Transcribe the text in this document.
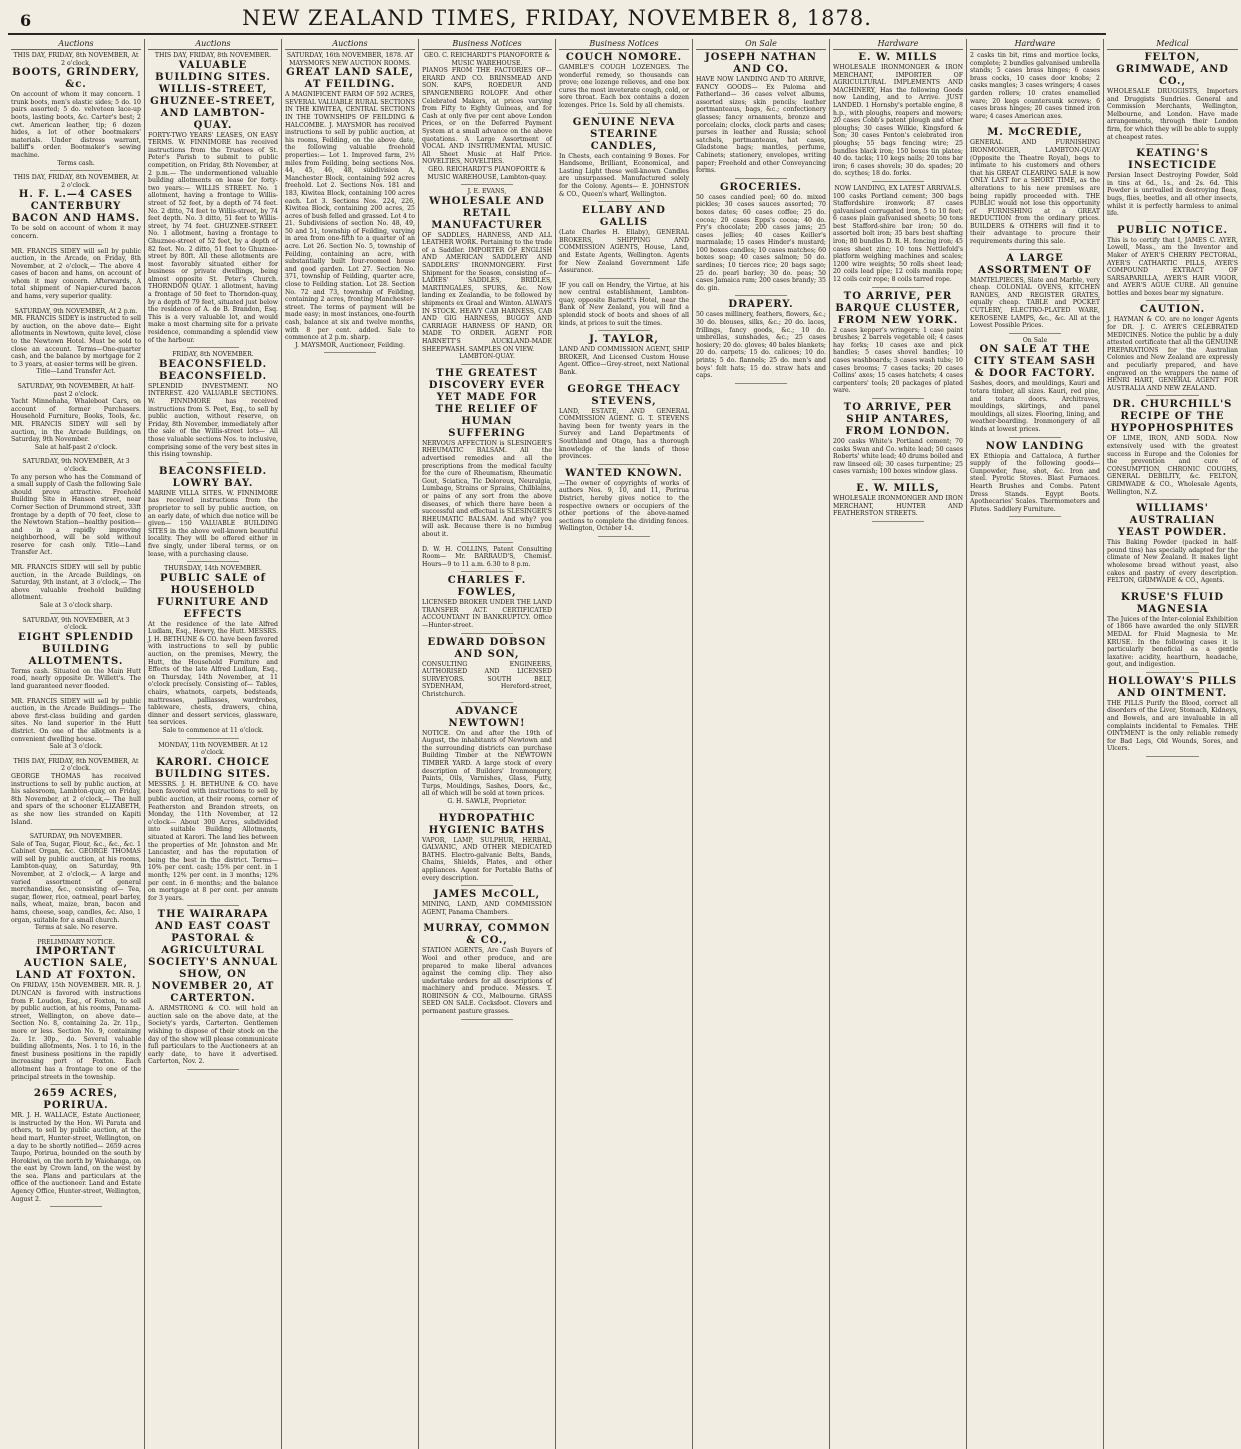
6	NEW ZEALAND TIMES, FRIDAY, NOVEMBER 8, 1878.
Auctions
THIS DAY, FRIDAY, 8th NOVEMBER, At 2 o'clock,
BOOTS, GRINDERY, &c.

On account of whom it may concern. 1 trunk boots, men's elastic sides; 5 do. 10 pairs assorted; 5 do. velveteen lace-up boots, lasting boots, &c. Carter's best; 2 cwt. American leather, tip; 6 dozen hides, a lot of other bootmakers' materials. Under distress warrant, balliff's order. Bootmaker's sewing machine.

Terms cash.
THIS DAY, FRIDAY, 8th NOVEMBER, At 2 o'clock.
H. F. L.—4 CASES CANTERBURY BACON AND HAMS.

To be sold on account of whom it may concern.

MR. FRANCIS SIDEY will sell by public auction, in the Arcade, on Friday, 8th November, at 2 o'clock,— The above 4 cases of bacon and hams, on account of whom it may concern. Afterwards, A total shipment of Napier-cured bacon and hams, very superior quality.

SATURDAY, 9th NOVEMBER, At 2 p.m.

MR. FRANCIS SIDEY is instructed to sell by auction, on the above date— Eight allotments in Newtown, quite level, close to the Newtown Hotel. Must be sold to close an account. Terms—One-quarter cash, and the balance by mortgage for 2 to 3 years, at easier terms will be given.

Title—Land Transfer Act.
SATURDAY, 9th NOVEMBER, At half-past 2 o'clock.

Yacht Minnehaha, Whaleboat Cars, on account of former Purchasers. Household Furniture, Books, Tools, &c. MR. FRANCIS SIDEY will sell by auction, in the Arcade Buildings, on Saturday, 9th November.

Sale at half-past 2 o'clock.
SATURDAY, 9th NOVEMBER, At 3 o'clock.

To any person who has the Command of a small supply of Cash the following Sale should prove attractive. Freehold Building Site in Hanson street, near Corner Section of Drummond street, 33ft frontage by a depth of 70 feet, close to the Newtown Station—healthy position—and in a rapidly improving neighborhood, will be sold without reserve for cash only. Title—Land Transfer Act.

MR. FRANCIS SIDEY will sell by public auction, in the Arcade Buildings, on Saturday, 9th instant, at 3 o'clock,— The above valuable freehold building allotment.

Sale at 3 o'clock sharp.
SATURDAY, 9th NOVEMBER, At 3 o'clock.
EIGHT SPLENDID BUILDING ALLOTMENTS.

Terms cash. Situated on the Main Hutt road, nearly opposite Dr. Willett's. The land guaranteed never flooded.

MR. FRANCIS SIDEY will sell by public auction, in the Arcade Buildings— The above first-class building and garden sites. No land superior in the Hutt district. On one of the allotments is a convenient dwelling house.

Sale at 3 o'clock.
THIS DAY, FRIDAY, 8th NOVEMBER, At 2 o'clock.

GEORGE THOMAS has received instructions to sell by public auction, at his salesroom, Lambton-quay, on Friday, 8th November, at 2 o'clock,— The hull and spars of the schooner ELIZABETH, as she now lies stranded on Kapiti Island.

SATURDAY, 9th NOVEMBER.

Sale of Tea, Sugar, Flour, &c., &c., &c. 1 Cabinet Organ, &c. GEORGE THOMAS will sell by public auction, at his rooms, Lambton-quay, on Saturday, 9th November, at 2 o'clock,— A large and varied assortment of general merchandise, &c., consisting of— Tea, sugar, flower, rice, oatmeal, pearl barley, nails, wheat, maize, bran, bacon and hams, cheese, soap, candles, &c. Also, 1 organ, suitable for a small church.

Terms at sale. No reserve.
PRELIMINARY NOTICE.
IMPORTANT AUCTION SALE, LAND AT FOXTON.

On FRIDAY, 15th NOVEMBER. MR. R. J. DUNCAN is favored with instructions from F. Loudon, Esq., of Foxton, to sell by public auction, at his rooms, Panama-street, Wellington, on above date— Section No. 8, containing 2a. 2r. 11p., more or less. Section No. 9, containing 2a. 1r. 30p., do. Several valuable building allotments, Nos. 1 to 16, in the finest business positions in the rapidly increasing port of Foxton. Each allotment has a frontage to one of the principal streets in the township.

2659 ACRES, PORIRUA.

MR. J. H. WALLACE, Estate Auctioneer, is instructed by the Hon. Wi Parata and others, to sell by public auction, at the head mart, Hunter-street, Wellington, on a day to be shortly notified— 2659 acres Taupo, Porirua, bounded on the south by Horokiwi, on the north by Waiohanga, on the east by Crown land, on the west by the sea. Plans and particulars at the office of the auctioneer. Land and Estate Agency Office, Hunter-street, Wellington, August 2.

Auctions
THIS DAY, FRIDAY, 8th NOVEMBER.
VALUABLE BUILDING SITES. WILLIS-STREET, GHUZNEE-STREET, AND LAMBTON-QUAY.

FORTY-TWO YEARS' LEASES, ON EASY TERMS. W. FINNIMORE has received instructions from the Trustees of St. Peter's Parish to submit to public competition, on Friday, 8th November, at 2 p.m.— The undermentioned valuable building allotments on lease for forty-two years:— WILLIS STREET. No. 1 allotment, having a frontage to Willis-street of 52 feet, by a depth of 74 feet. No. 2 ditto, 74 feet to Willis-street, by 74 feet depth. No. 3 ditto, 51 feet to Willis-street, by 74 feet. GHUZNEE-STREET. No. 1 allotment, having a frontage to Ghuznee-street of 52 feet, by a depth of 82 feet. No. 2 ditto, 51 feet to Ghuznee-street by 80ft. All these allotments are most favorably situated either for business or private dwellings, being almost opposite St. Peter's Church. THORNDON QUAY. 1 allotment, having a frontage of 50 feet to Thorndon-quay, by a depth of 79 feet, situated just below the residence of A. de B. Brandon, Esq. This is a very valuable lot, and would make a most charming site for a private residence, commanding a splendid view of the harbour.

FRIDAY, 8th NOVEMBER.
BEACONSFIELD. BEACONSFIELD.

SPLENDID INVESTMENT. NO INTEREST. 420 VALUABLE SECTIONS. W. FINNIMORE has received instructions from S. Peet, Esq., to sell by public auction, without reserve, on Friday, 8th November, immediately after the sale of the Willis-street lots— All those valuable sections Nos. to inclusive, comprising some of the very best sites in this rising township.

BEACONSFIELD. LOWRY BAY.

MARINE VILLA SITES. W. FINNIMORE has received instructions from the proprietor to sell by public auction, on an early date, of which due notice will be given— 150 VALUABLE BUILDING SITES in the above well-known beautiful locality. They will be offered either in five singly, under liberal terms, or on lease, with a purchasing clause.

THURSDAY, 14th NOVEMBER.
PUBLIC SALE of HOUSEHOLD FURNITURE AND EFFECTS

At the residence of the late Alfred Ludlam, Esq., Hewry, the Hutt. MESSRS. J. H. BETHUNE & CO. have been favored with instructions to sell by public auction, on the premises, Mewry, the Hutt, the Household Furniture and Effects of the late Alfred Ludlam, Esq., on Thursday, 14th November, at 11 o'clock precisely. Consisting of— Tables, chairs, whatnots, carpets, bedsteads, mattresses, palliasses, wardrobes, tableware, chests, drawers, china, dinner and dessert services, glassware, tea services.

Sale to commence at 11 o'clock.
MONDAY, 11th NOVEMBER. At 12 o'clock.
KARORI. CHOICE BUILDING SITES.

MESSRS. J. H. BETHUNE & CO. have been favored with instructions to sell by public auction, at their rooms, corner of Featherston and Brandon streets, on Monday, the 11th November, at 12 o'clock— About 300 Acres, subdivided into suitable Building Allotments, situated at Karori. The land lies between the properties of Mr. Johnston and Mr. Lancaster, and has the reputation of being the best in the district. Terms—10% per cent. cash; 15% per cent. in 1 month; 12% per cent. in 3 months; 12% per cent. in 6 months; and the balance on mortgage at 8 per cent. per annum for 3 years.

THE WAIRARAPA AND EAST COAST PASTORAL & AGRICULTURAL SOCIETY'S ANNUAL SHOW, ON NOVEMBER 20, AT CARTERTON.

A. ARMSTRONG & CO. will hold an auction sale on the above date, at the Society's yards, Carterton. Gentlemen wishing to dispose of their stock on the day of the show will please communicate full particulars to the Auctioneers at an early date, to have it advertised. Carterton, Nov. 2.

Auctions
SATURDAY, 16th NOVEMBER, 1878. AT MAYSMOR'S NEW AUCTION ROOMS.
GREAT LAND SALE, AT FEILDING.

A MAGNIFICENT FARM OF 592 ACRES, SEVERAL VALUABLE RURAL SECTIONS IN THE KIWITEA, CENTRAL SECTIONS IN THE TOWNSHIPS OF FEILDING & HALCOMBE. J. MAYSMOR has received instructions to sell by public auction, at his rooms, Feilding, on the above date, the following valuable freehold properties:— Lot 1. Improved farm, 2½ miles from Feilding, being sections Nos. 44, 45, 46, 48, subdivision A, Manchester Block, containing 592 acres freehold. Lot 2. Sections Nos. 181 and 183, Kiwitea Block, containing 100 acres each. Lot 3. Sections Nos. 224, 226, Kiwitea Block, containing 200 acres, 25 acres of bush felled and grassed. Lot 4 to 21. Subdivisions of section No. 48, 49, 50 and 51, township of Feilding, varying in area from one-fifth to a quarter of an acre. Lot 26. Section No. 5, township of Feilding, containing an acre, with substantially built four-roomed house and good garden. Lot 27. Section No. 371, township of Feilding, quarter acre, close to Feilding station. Lot 28. Section No. 72 and 73, township of Feilding, containing 2 acres, fronting Manchester-street. The terms of payment will be made easy; in most instances, one-fourth cash, balance at six and twelve months, with 8 per cent. added. Sale to commence at 2 p.m. sharp.

J. MAYSMOR, Auctioneer, Feilding.
Business Notices
GEO. C. REICHARDT'S PIANOFORTE & MUSIC WAREHOUSE.

PIANOS FROM THE FACTORIES OF— ERARD AND CO. BRINSMEAD AND SON. KAPS, ROEDEUR AND SPANGENBERG ROLOFF. And other Celebrated Makers, at prices varying from Fifty to Eighty Guineas, and for Cash at only five per cent above London Prices, or on the Deferred Payment System at a small advance on the above quotations. A Large Assortment of VOCAL AND INSTRUMENTAL MUSIC. All Sheet Music at Half Price. NOVELTIES, NOVELTIES.

GEO. REICHARDT'S PIANOFORTE & MUSIC WAREHOUSE, Lambton-quay.
J. E. EVANS,
WHOLESALE AND RETAIL MANUFACTURER

OF SADDLES, HARNESS, AND ALL LEATHER WORK. Pertaining to the trade of a Saddler. IMPORTER OF ENGLISH AND AMERICAN SADDLERY AND SADDLERS' IRONMONGERY. First Shipment for the Season, consisting of— LADIES' SADDLES, BRIDLES, MARTINGALES, SPURS, &c. Now landing ex Zealandia, to be followed by shipments ex Graal and Winton. ALWAYS IN STOCK. HEAVY CAB HARNESS, CAB AND GIG HARNESS, BUGGY AND CARRIAGE HARNESS OF HAND, OR MADE TO ORDER. AGENT FOR HARNETT'S AUCKLAND-MADE SHEEPWASH. SAMPLES ON VIEW.

LAMBTON-QUAY.
THE GREATEST DISCOVERY EVER YET MADE FOR THE RELIEF OF HUMAN SUFFERING

NERVOUS AFFECTION is SLESINGER'S RHEUMATIC BALSAM. All the advertised remedies and all the prescriptions from the medical faculty for the cure of Rheumatism, Rheumatic Gout, Sciatica, Tic Doloreux, Neuralgia, Lumbago, Strains or Sprains, Chilblains, or pains of any sort from the above diseases, of which there have been a successful and effectual is SLESINGER'S RHEUMATIC BALSAM. And why? you will ask. Because there is no humbug about it.

D. W. H. COLLINS, Patent Consulting Room— Mr. BARRAUD'S, Chemist. Hours—9 to 11 a.m. 6.30 to 8 p.m.

CHARLES F. FOWLES,

LICENSED BROKER UNDER THE LAND TRANSFER ACT. CERTIFICATED ACCOUNTANT IN BANKRUPTCY. Office—Hunter-street.

EDWARD DOBSON AND SON,

CONSULTING ENGINEERS, AUTHORISED AND LICENSED SURVEYORS. SOUTH BELT, SYDENHAM, Hereford-street, Christchurch.

ADVANCE NEWTOWN!

NOTICE. On and after the 19th of August, the inhabitants of Newtown and the surrounding districts can purchase Building Timber at the NEWTOWN TIMBER YARD. A large stock of every description of Builders' Ironmongery, Paints, Oils, Varnishes, Glass, Putty, Turps, Mouldings, Sashes, Doors, &c., all of which will be sold at town prices.

G. H. SAWLE, Proprietor.
HYDROPATHIC HYGIENIC BATHS

VAPOR, LAMP, SULPHUR, HERBAL, GALVANIC, AND OTHER MEDICATED BATHS. Electro-galvanic Belts, Bands, Chains, Shields, Plates, and other appliances. Agent for Portable Baths of every description.

JAMES McCOLL,

MINING, LAND, AND COMMISSION AGENT, Panama Chambers.

MURRAY, COMMON & CO.,

STATION AGENTS, Are Cash Buyers of Wool and other produce, and are prepared to make liberal advances against the coming clip. They also undertake orders for all descriptions of machinery and produce. Messrs. T. ROBINSON & CO., Melbourne. GRASS SEED ON SALE. Cocksfoot. Clovers and permanent pasture grasses.

Business Notices
COUCH NOMORE.

GAMBLE'S COUGH LOZENGES. The wonderful remedy, so thousands can prove; one lozenge relieves, and one box cures the most inveterate cough, cold, or sore throat. Each box contains a dozen lozenges. Price 1s. Sold by all chemists.

GENUINE NEVA STEARINE CANDLES,

In Chests, each containing 9 Boxes. For Handsome, Brilliant, Economical, and Lasting Light these well-known Candles are unsurpassed. Manufactured solely for the Colony. Agents— E. JOHNSTON & CO., Queen's wharf, Wellington.

ELLABY AND GALLIS

(Late Charles H. Ellaby), GENERAL BROKERS, SHIPPING AND COMMISSION AGENTS, House, Land, and Estate Agents, Wellington. Agents for New Zealand Government Life Assurance.

IF you call on Hendry, the Virtue, at his new central establishment, Lambton-quay, opposite Barnett's Hotel, near the Bank of New Zealand, you will find a splendid stock of boots and shoes of all kinds, at prices to suit the times.

J. TAYLOR,

LAND AND COMMISSION AGENT, SHIP BROKER, And Licensed Custom House Agent. Office—Grey-street, next National Bank.

GEORGE THEACY STEVENS,

LAND, ESTATE, AND GENERAL COMMISSION AGENT. G. T. STEVENS having been for twenty years in the Survey and Land Departments of Southland and Otago, has a thorough knowledge of the lands of those provinces.

WANTED KNOWN.

—The owner of copyrights of works of authors Nos. 9, 10, and 11, Porirua District, hereby gives notice to the respective owners or occupiers of the other portions of the above-named sections to complete the dividing fences. Wellington, October 14.

On Sale
JOSEPH NATHAN AND CO.

HAVE NOW LANDING AND TO ARRIVE, FANCY GOODS— Ex Paloma and Fatherland— 36 cases velvet albums, assorted sizes; skin pencils; leather portmanteaus, bags, &c.; confectionery glasses; fancy ornaments, bronze and porcelain; clocks, clock parts and cases; purses in leather and Russia; school satchels, portmanteaus, hat cases, Gladstone bags; mantles, perfume, Cabinets; stationery, envelopes, writing paper; Freehold and other Conveyancing forms.

GROCERIES.

50 cases candied peel; 60 do. mixed pickles; 30 cases sauces assorted; 70 boxes dates; 60 cases coffee; 25 do. cocoa; 20 cases Epps's cocoa; 40 do. Fry's chocolate; 200 cases jams; 25 cases jellies; 40 cases Keiller's marmalade; 15 cases Hinder's mustard; 100 boxes candles; 10 cases matches; 60 boxes soap; 40 cases salmon; 50 do. sardines; 10 tierces rice; 20 bags sago; 25 do. pearl barley; 30 do. peas; 50 cases Jamaica rum; 200 cases brandy; 35 do. gin.

DRAPERY.

50 cases millinery, feathers, flowers, &c.; 30 do. blouses, silks, &c.; 20 do. laces, frillings, fancy goods, &c.; 10 do. umbrellas, sunshades, &c.; 25 cases hosiery; 20 do. gloves; 40 bales blankets; 20 do. carpets; 15 do. calicoes; 10 do. prints; 5 do. flannels; 25 do. men's and boys' felt hats; 15 do. straw hats and caps.

Hardware
E. W. MILLS

WHOLESALE IRONMONGER & IRON MERCHANT, IMPORTER OF AGRICULTURAL IMPLEMENTS AND MACHINERY, Has the following Goods now Landing, and to Arrive. JUST LANDED. 1 Hornsby's portable engine, 8 h.p., with ploughs, reapers and mowers; 20 cases Cobb's patent plough and other ploughs; 30 cases Wilkie, Kingsford & Son; 30 cases Fenton's celebrated iron ploughs; 55 bags fencing wire; 25 bundles black iron; 150 boxes tin plates; 40 do. tacks; 110 kegs nails; 20 tons bar iron; 6 cases shovels; 30 do. spades; 20 do. scythes; 18 do. forks.

NOW LANDING, EX LATEST ARRIVALS.

100 casks Portland cement; 300 bags Staffordshire ironwork; 87 cases galvanised corrugated iron, 5 to 10 feet; 6 cases plain galvanised sheets; 50 tons best Stafford-shire bar iron; 50 do. assorted bolt iron; 35 bars best shafting iron; 80 bundles D. R. H. fencing iron; 45 cases sheet zinc; 10 tons Nettlefold's platform weighing machines and scales; 1200 wire weights; 50 rolls sheet lead; 20 coils lead pipe; 12 coils manila rope; 12 coils coir rope; 8 coils tarred rope.

TO ARRIVE, PER BARQUE CLUSTER, FROM NEW YORK.

2 cases kepper's wringers; 1 case paint brushes; 2 barrels vegetable oil; 4 cases hay forks; 10 cases axe and pick handles; 5 cases shovel handles; 10 cases washboards; 3 cases wash tubs; 10 cases brooms; 7 cases tacks; 20 cases Collins' axes; 15 cases hatchets; 4 cases carpenters' tools; 20 packages of plated ware.

TO ARRIVE, PER SHIP ANTARES, FROM LONDON.

200 casks White's Portland cement; 70 casks Swan and Co. white lead; 50 cases Roberts' white lead; 40 drums boiled and raw linseed oil; 30 cases turpentine; 25 cases varnish; 100 boxes window glass.

E. W. MILLS,

WHOLESALE IRONMONGER AND IRON MERCHANT, HUNTER AND FEATHERSTON STREETS.

Hardware

2 casks tin bit, rims and mortice locks, complete; 2 bundles galvanised umbrella stands; 5 cases brass hinges; 6 cases brass cocks, 10 cases door knobs; 2 casks mangles; 3 cases wringers; 4 cases garden rollers; 10 crates enamelled ware; 20 kegs countersunk screws; 6 cases brass hinges; 20 cases tinned iron ware; 4 cases American axes.

M. McCREDIE,

GENERAL AND FURNISHING IRONMONGER, LAMBTON-QUAY (Opposite the Theatre Royal), begs to intimate to his customers and others that his GREAT CLEARING SALE is now ONLY LAST for a SHORT TIME, as the alterations to his new premises are being rapidly proceeded with. THE PUBLIC would not lose this opportunity of FURNISHING at a GREAT REDUCTION from the ordinary prices. BUILDERS & OTHERS will find it to their advantage to procure their requirements during this sale.

A LARGE ASSORTMENT OF

MANTELPIECES, Slate and Marble, very cheap. COLONIAL OVENS, KITCHEN RANGES, AND REGISTER GRATES, equally cheap. TABLE and POCKET CUTLERY, ELECTRO-PLATED WARE, KEROSENE LAMPS, &c., &c. All at the Lowest Possible Prices.

On Sale
ON SALE AT THE CITY STEAM SASH & DOOR FACTORY.

Sashes, doors, and mouldings, Kauri and totara timber, all sizes. Kauri, red pine, and totara doors. Architraves, mouldings, skirtings, and panel mouldings, all sizes. Flooring, lining, and weather-boarding. Ironmongery of all kinds at lowest prices.

NOW LANDING

EX Ethiopia and Cattaloca, A further supply of the following goods— Gunpowder, fuse, shot, &c. Iron and steel. Pyrotic Stoves. Blast Furnaces. Hearth Brushes and Combs. Patent Dress Stands. Egypt Boots. Apothecaries' Scales. Thermometers and Flutes. Saddlery Furniture.

Medical
FELTON, GRIMWADE, AND CO.,

WHOLESALE DRUGGISTS, Importers and Druggists Sundries. General and Commission Merchants, Wellington, Melbourne, and London. Have made arrangements, through their London firm, for which they will be able to supply at cheapest rates.

KEATING'S INSECTICIDE

Persian Insect Destroying Powder, Sold in tins at 6d., 1s., and 2s. 6d. This Powder is unrivalled in destroying fleas, bugs, flies, beetles, and all other insects, whilst it is perfectly harmless to animal life.

PUBLIC NOTICE.

This is to certify that I, JAMES C. AYER, Lowell, Mass., am the Inventor and Maker of AYER'S CHERRY PECTORAL, AYER'S CATHARTIC PILLS, AYER'S COMPOUND EXTRACT OF SARSAPARILLA, AYER'S HAIR VIGOR, and AYER'S AGUE CURE. All genuine bottles and boxes bear my signature.

CAUTION.

J. HAYMAN & CO. are no longer Agents for DR. J. C. AYER'S CELEBRATED MEDICINES. Notice the public by a duly attested certificate that all the GENUINE PREPARATIONS for the Australian Colonies and New Zealand are expressly and peculiarly prepared, and have engraved on the wrappers the name of HENRI HART, GENERAL AGENT FOR AUSTRALIA AND NEW ZEALAND.

DR. CHURCHILL'S RECIPE OF THE HYPOPHOSPHITES

OF LIME, IRON, AND SODA. Now extensively used with the greatest success in Europe and the Colonies for the prevention and cure of CONSUMPTION, CHRONIC COUGHS, GENERAL DEBILITY, &c. FELTON, GRIMWADE & CO., Wholesale Agents, Wellington, N.Z.

WILLIAMS' AUSTRALIAN YEAST POWDER.

This Baking Powder (packed in half-pound tins) has specially adapted for the climate of New Zealand. It makes light wholesome bread without yeast, also cakes and pastry of every description. FELTON, GRIMWADE & CO., Agents.

KRUSE'S FLUID MAGNESIA

The Juices of the Inter-colonial Exhibition of 1866 have awarded the only SILVER MEDAL for Fluid Magnesia to Mr. KRUSE. In the following cases it is particularly beneficial as a gentle laxative: acidity, heartburn, headache, gout, and indigestion.

HOLLOWAY'S PILLS AND OINTMENT.

THE PILLS Purify the Blood, correct all disorders of the Liver, Stomach, Kidneys, and Bowels, and are invaluable in all complaints incidental to Females. THE OINTMENT is the only reliable remedy for Bad Legs, Old Wounds, Sores, and Ulcers.
